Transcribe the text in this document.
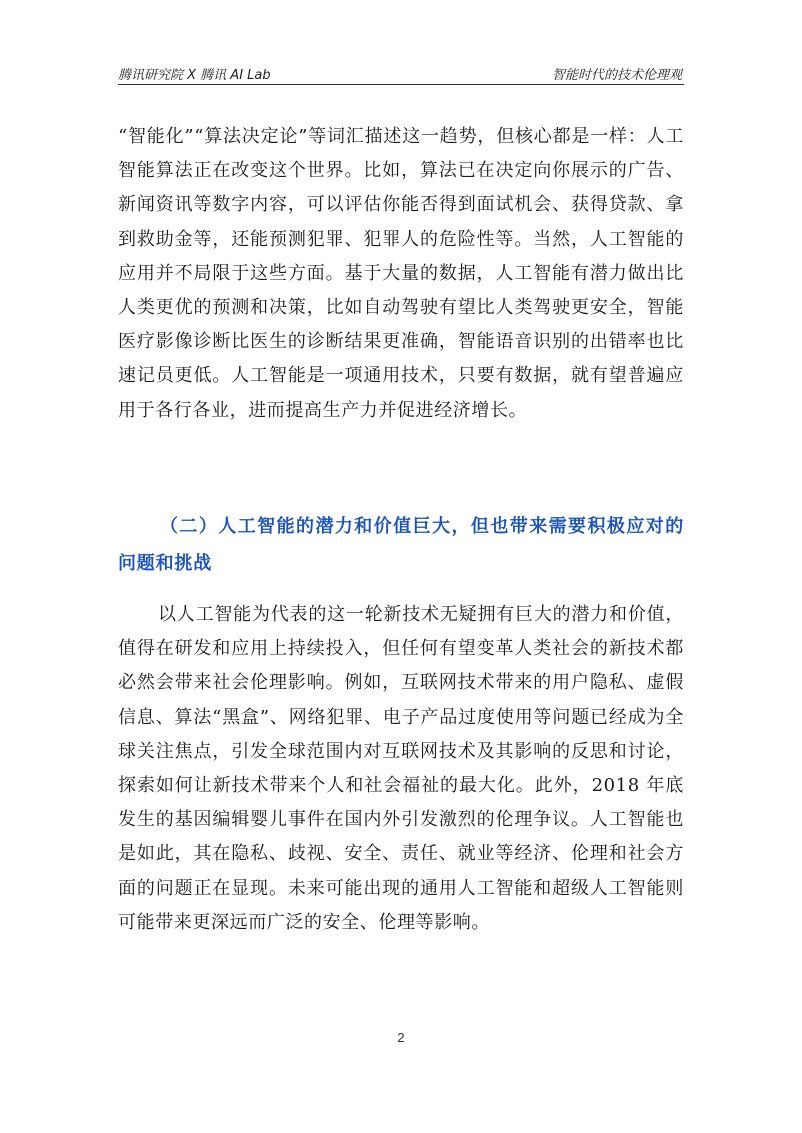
腾讯研究院 X 腾讯 AI Lab	智能时代的技术伦理观

“智能化”“算法决定论”等词汇描述这一趋势，但核心都是一样：人工智能算法正在改变这个世界。比如，算法已在决定向你展示的广告、新闻资讯等数字内容，可以评估你能否得到面试机会、获得贷款、拿到救助金等，还能预测犯罪、犯罪人的危险性等。当然，人工智能的应用并不局限于这些方面。基于大量的数据，人工智能有潜力做出比人类更优的预测和决策，比如自动驾驶有望比人类驾驶更安全，智能医疗影像诊断比医生的诊断结果更准确，智能语音识别的出错率也比速记员更低。人工智能是一项通用技术，只要有数据，就有望普遍应用于各行各业，进而提高生产力并促进经济增长。

（二）人工智能的潜力和价值巨大，但也带来需要积极应对的问题和挑战

以人工智能为代表的这一轮新技术无疑拥有巨大的潜力和价值，值得在研发和应用上持续投入，但任何有望变革人类社会的新技术都必然会带来社会伦理影响。例如，互联网技术带来的用户隐私、虚假信息、算法“黑盒”、网络犯罪、电子产品过度使用等问题已经成为全球关注焦点，引发全球范围内对互联网技术及其影响的反思和讨论，探索如何让新技术带来个人和社会福祉的最大化。此外，2018 年底发生的基因编辑婴儿事件在国内外引发激烈的伦理争议。人工智能也是如此，其在隐私、歧视、安全、责任、就业等经济、伦理和社会方面的问题正在显现。未来可能出现的通用人工智能和超级人工智能则可能带来更深远而广泛的安全、伦理等影响。

2
